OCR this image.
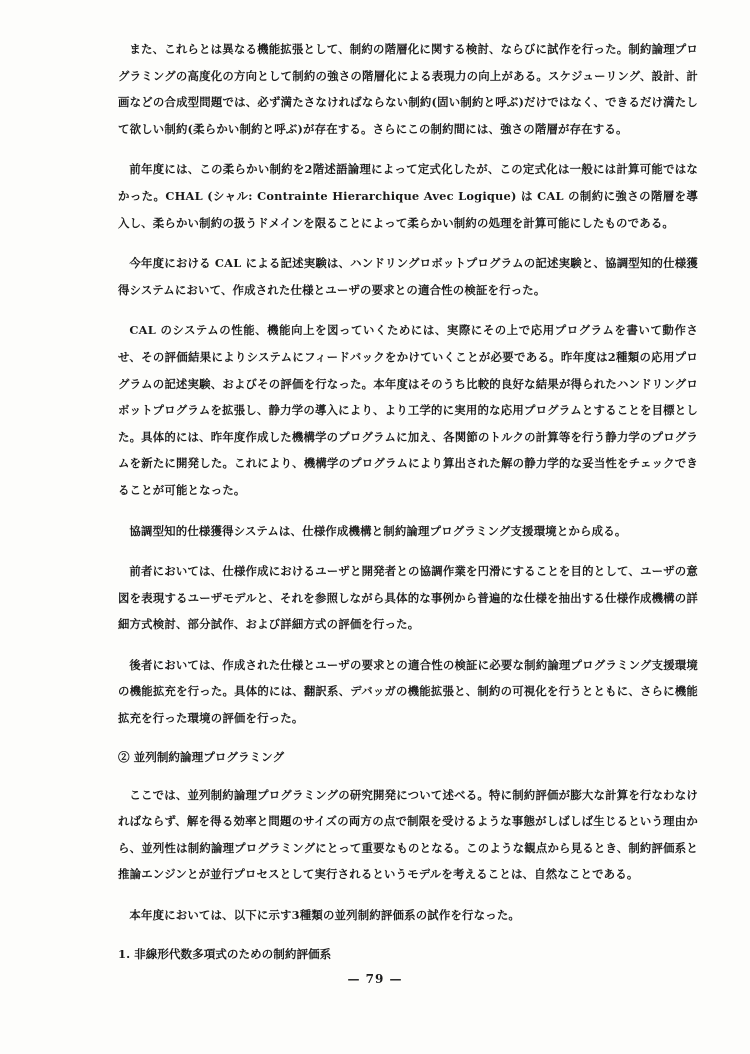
また、これらとは異なる機能拡張として、制約の階層化に関する検討、ならびに試作を行った。制約論理プログラミングの高度化の方向として制約の強さの階層化による表現力の向上がある。スケジューリング、設計、計画などの合成型問題では、必ず満たさなければならない制約(固い制約と呼ぶ)だけではなく、できるだけ満たして欲しい制約(柔らかい制約と呼ぶ)が存在する。さらにこの制約間には、強さの階層が存在する。

前年度には、この柔らかい制約を2階述語論理によって定式化したが、この定式化は一般には計算可能ではなかった。CHAL (シャル: Contrainte Hierarchique Avec Logique) は CAL の制約に強さの階層を導入し、柔らかい制約の扱うドメインを限ることによって柔らかい制約の処理を計算可能にしたものである。

今年度における CAL による記述実験は、ハンドリングロボットプログラムの記述実験と、協調型知的仕様獲得システムにおいて、作成された仕様とユーザの要求との適合性の検証を行った。

CAL のシステムの性能、機能向上を図っていくためには、実際にその上で応用プログラムを書いて動作させ、その評価結果によりシステムにフィードバックをかけていくことが必要である。昨年度は2種類の応用プログラムの記述実験、およびその評価を行なった。本年度はそのうち比較的良好な結果が得られたハンドリングロボットプログラムを拡張し、静力学の導入により、より工学的に実用的な応用プログラムとすることを目標とした。具体的には、昨年度作成した機構学のプログラムに加え、各関節のトルクの計算等を行う静力学のプログラムを新たに開発した。これにより、機構学のプログラムにより算出された解の静力学的な妥当性をチェックできることが可能となった。

協調型知的仕様獲得システムは、仕様作成機構と制約論理プログラミング支援環境とから成る。

前者においては、仕様作成におけるユーザと開発者との協調作業を円滑にすることを目的として、ユーザの意図を表現するユーザモデルと、それを参照しながら具体的な事例から普遍的な仕様を抽出する仕様作成機構の詳細方式検討、部分試作、および詳細方式の評価を行った。

後者においては、作成された仕様とユーザの要求との適合性の検証に必要な制約論理プログラミング支援環境の機能拡充を行った。具体的には、翻訳系、デバッガの機能拡張と、制約の可視化を行うとともに、さらに機能拡充を行った環境の評価を行った。

② 並列制約論理プログラミング

ここでは、並列制約論理プログラミングの研究開発について述べる。特に制約評価が膨大な計算を行なわなければならず、解を得る効率と問題のサイズの両方の点で制限を受けるような事態がしばしば生じるという理由から、並列性は制約論理プログラミングにとって重要なものとなる。このような観点から見るとき、制約評価系と推論エンジンとが並行プロセスとして実行されるというモデルを考えることは、自然なことである。

本年度においては、以下に示す3種類の並列制約評価系の試作を行なった。

1. 非線形代数多項式のための制約評価系
— 79 —
